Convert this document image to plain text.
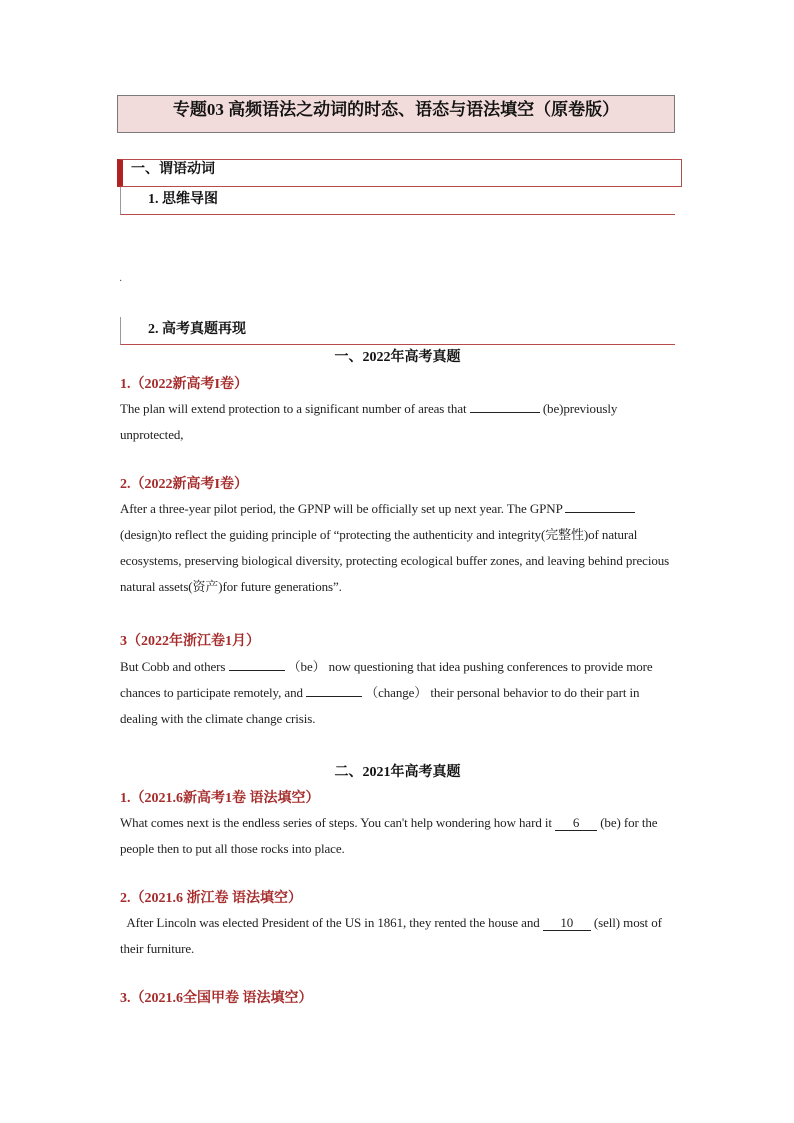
专题03 高频语法之动词的时态、语态与语法填空（原卷版）
一、谓语动词
1. 思维导图
·
2. 高考真题再现
一、2022年高考真题
1.（2022新高考I卷）
The plan will extend protection to a significant number of areas that	(be)previously unprotected,
2.（2022新高考I卷）
After a three-year pilot period, the GPNP will be officially set up next year. The GPNP  (design)to reflect the guiding principle of “protecting the authenticity and integrity(完整性)of natural ecosystems, preserving biological diversity, protecting ecological buffer zones, and leaving behind precious natural assets(资产)for future generations”.
3（2022年浙江卷1月）
But Cobb and others	（be） now questioning that idea pushing conferences to provide more chances to participate remotely, and	（change） their personal behavior to do their part in dealing with the climate change crisis.
二、2021年高考真题
1.（2021.6新高考1卷 语法填空）
What comes next is the endless series of steps. You can't help wondering how hard it 6 (be) for the people then to put all those rocks into place.
2.（2021.6 浙江卷 语法填空）
After Lincoln was elected President of the US in 1861, they rented the house and 10 (sell) most of their furniture.
3.（2021.6全国甲卷 语法填空）
